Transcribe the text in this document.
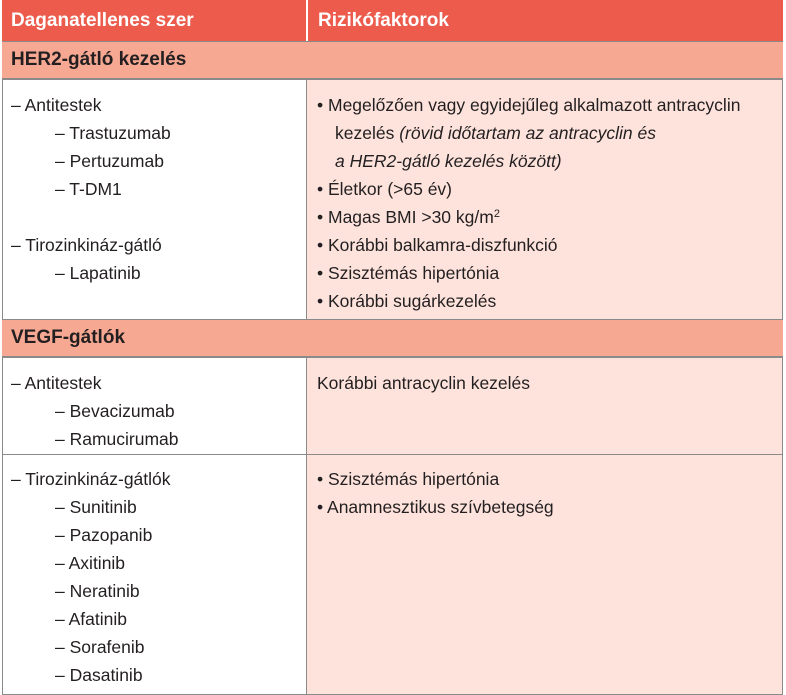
Daganatellenes szer	Rizikófaktorok
HER2-gátló kezelés
– Antitestek
– Trastuzumab
– Pertuzumab
– T-DM1
– Tirozinkináz-gátló
– Lapatinib
• Megelőzően vagy egyidejűleg alkalmazott antracyclin
kezelés (rövid időtartam az antracyclin és
a HER2-gátló kezelés között)
• Életkor (>65 év)
• Magas BMI >30 $kg/m^2$
• Korábbi balkamra-diszfunkció
• Szisztémás hipertónia
• Korábbi sugárkezelés
VEGF-gátlók
– Antitestek
– Bevacizumab
– Ramucirumab
Korábbi antracyclin kezelés
– Tirozinkináz-gátlók
– Sunitinib
– Pazopanib
– Axitinib
– Neratinib
– Afatinib
– Sorafenib
– Dasatinib
• Szisztémás hipertónia
• Anamnesztikus szívbetegség
